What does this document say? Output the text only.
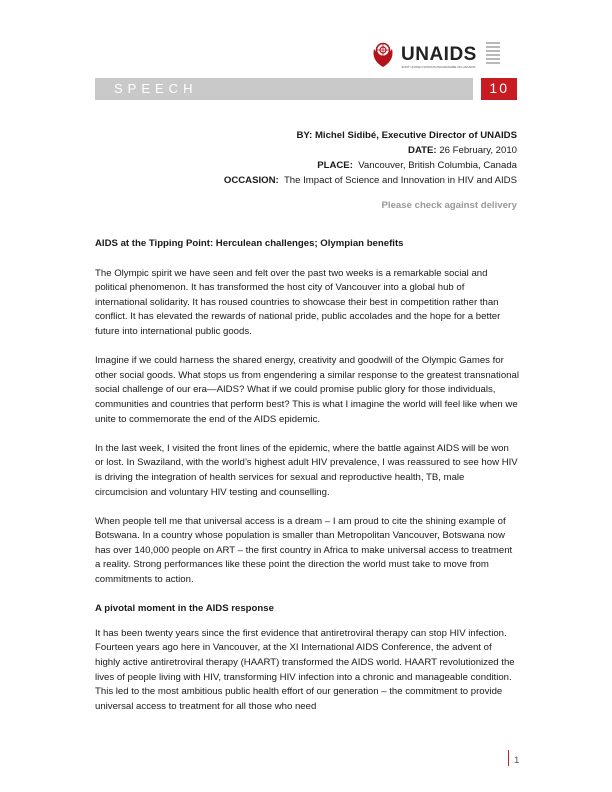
UNAIDS
JOINT UNITED NATIONS PROGRAMME ON HIV/AIDS
SPEECH	10
BY: Michel Sidibé, Executive Director of UNAIDS
DATE: 26 February, 2010
PLACE: Vancouver, British Columbia, Canada
OCCASION: The Impact of Science and Innovation in HIV and AIDS
Please check against delivery
AIDS at the Tipping Point: Herculean challenges; Olympian benefits

The Olympic spirit we have seen and felt over the past two weeks is a remarkable social and political phenomenon. It has transformed the host city of Vancouver into a global hub of international solidarity. It has roused countries to showcase their best in competition rather than conflict. It has elevated the rewards of national pride, public accolades and the hope for a better future into international public goods.

Imagine if we could harness the shared energy, creativity and goodwill of the Olympic Games for other social goods. What stops us from engendering a similar response to the greatest transnational social challenge of our era—AIDS? What if we could promise public glory for those individuals, communities and countries that perform best? This is what I imagine the world will feel like when we unite to commemorate the end of the AIDS epidemic.

In the last week, I visited the front lines of the epidemic, where the battle against AIDS will be won or lost. In Swaziland, with the world’s highest adult HIV prevalence, I was reassured to see how HIV is driving the integration of health services for sexual and reproductive health, TB, male circumcision and voluntary HIV testing and counselling.

When people tell me that universal access is a dream – I am proud to cite the shining example of Botswana. In a country whose population is smaller than Metropolitan Vancouver, Botswana now has over 140,000 people on ART – the first country in Africa to make universal access to treatment a reality. Strong performances like these point the direction the world must take to move from commitments to action.

A pivotal moment in the AIDS response

It has been twenty years since the first evidence that antiretroviral therapy can stop HIV infection. Fourteen years ago here in Vancouver, at the XI International AIDS Conference, the advent of highly active antiretroviral therapy (HAART) transformed the AIDS world. HAART revolutionized the lives of people living with HIV, transforming HIV infection into a chronic and manageable condition. This led to the most ambitious public health effort of our generation – the commitment to provide universal access to treatment for all those who need

1
